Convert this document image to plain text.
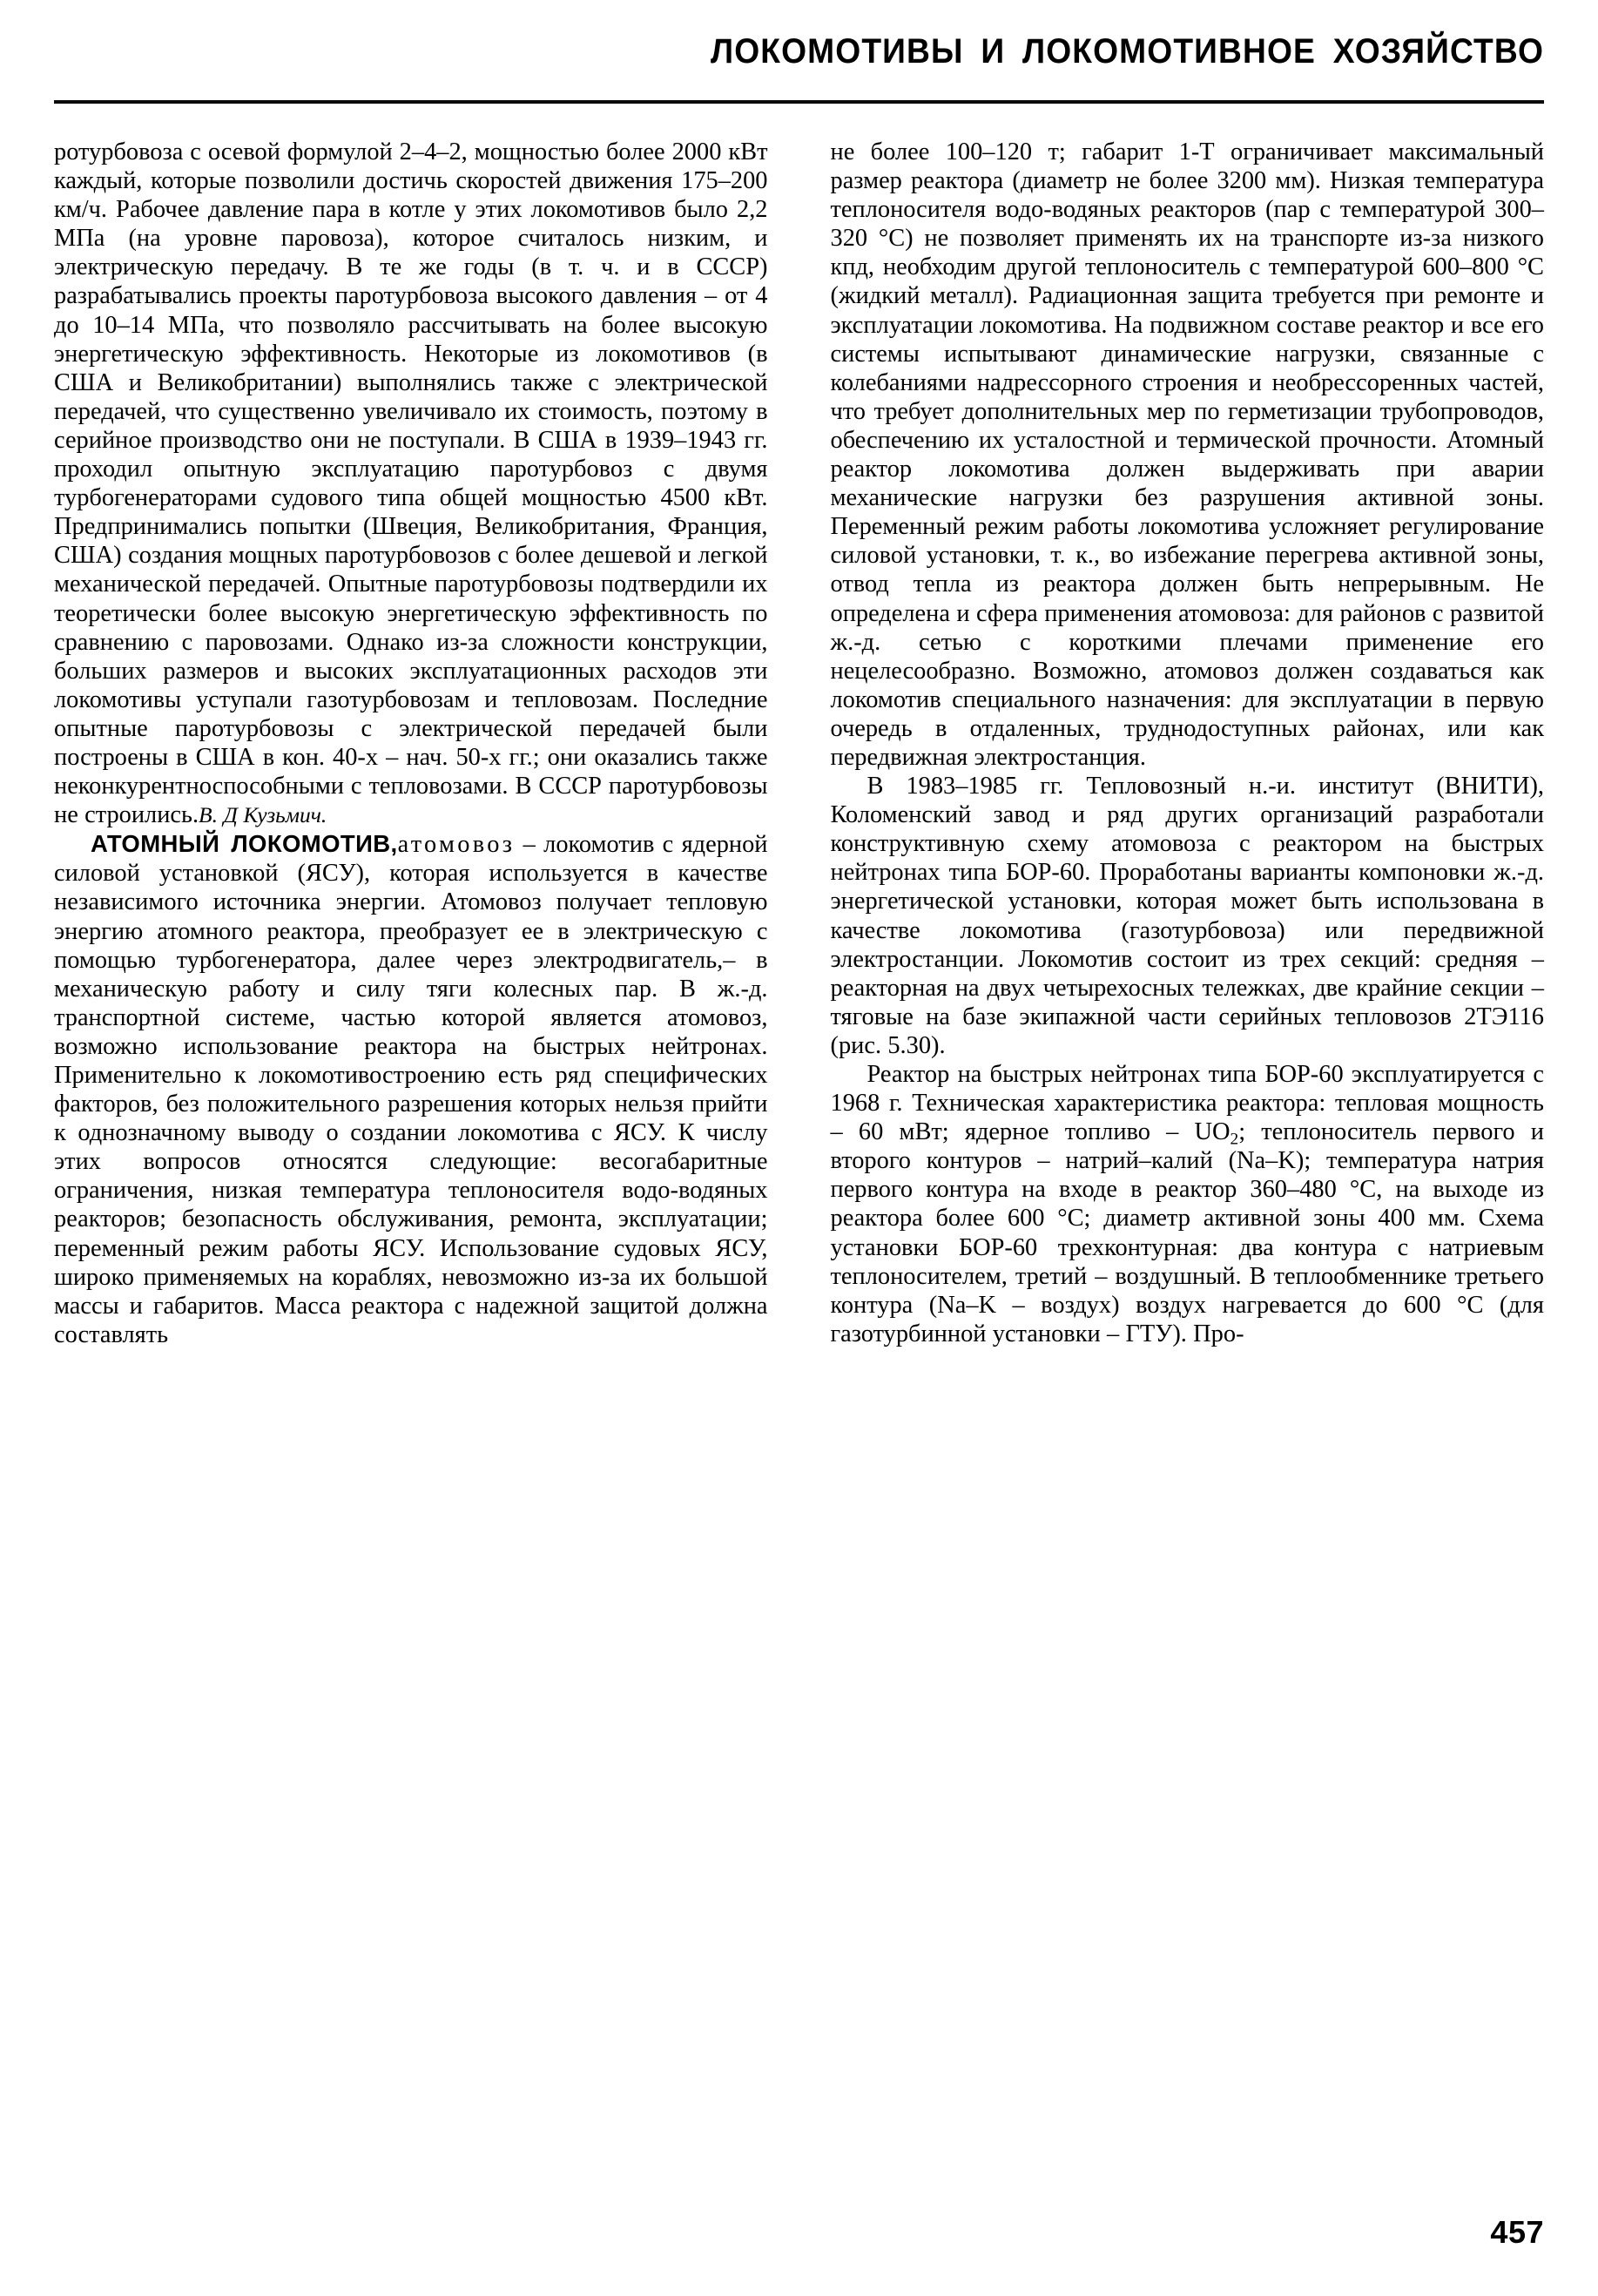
ЛОКОМОТИВЫ И ЛОКОМОТИВНОЕ ХОЗЯЙСТВО

ротурбовоза с осевой формулой 2–4–2, мощностью более 2000 кВт каждый, которые позволили достичь скоростей движения 175–200 км/ч. Рабочее давление пара в котле у этих локомотивов было 2,2 МПа (на уровне паровоза), которое считалось низким, и электрическую передачу. В те же годы (в т. ч. и в СССР) разрабатывались проекты паротурбовоза высокого давления – от 4 до 10–14 МПа, что позволяло рассчитывать на более высокую энергетическую эффективность. Некоторые из локомотивов (в США и Великобритании) выполнялись также с электрической передачей, что существенно увеличивало их стоимость, поэтому в серийное производство они не поступали. В США в 1939–1943 гг. проходил опытную эксплуатацию паротурбовоз с двумя турбогенераторами судового типа общей мощностью 4500 кВт. Предпринимались попытки (Швеция, Великобритания, Франция, США) создания мощных паротурбовозов с более дешевой и легкой механической передачей. Опытные паротурбовозы подтвердили их теоретически более высокую энергетическую эффективность по сравнению с паровозами. Однако из-за сложности конструкции, больших размеров и высоких эксплуатационных расходов эти локомотивы уступали газотурбовозам и тепловозам. Последние опытные паротурбовозы с электрической передачей были построены в США в кон. 40-х – нач. 50-х гг.; они оказались также неконкурентноспособными с тепловозами. В СССР паротурбовозы не строились.В. Д Кузьмич.

АТОМНЫЙ ЛОКОМОТИВ,атомовоз – локомотив с ядерной силовой установкой (ЯСУ), которая используется в качестве независимого источника энергии. Атомовоз получает тепловую энергию атомного реактора, преобразует ее в электрическую с помощью турбогенератора, далее через электродвигатель,– в механическую работу и силу тяги колесных пар. В ж.-д. транспортной системе, частью которой является атомовоз, возможно использование реактора на быстрых нейтронах. Применительно к локомотивостроению есть ряд специфических факторов, без положительного разрешения которых нельзя прийти к однозначному выводу о создании локомотива с ЯСУ. К числу этих вопросов относятся следующие: весогабаритные ограничения, низкая температура теплоносителя водо-водяных реакторов; безопасность обслуживания, ремонта, эксплуатации; переменный режим работы ЯСУ. Использование судовых ЯСУ, широко применяемых на кораблях, невозможно из-за их большой массы и габаритов. Масса реактора с надежной защитой должна составлять

не более 100–120 т; габарит 1-Т ограничивает максимальный размер реактора (диаметр не более 3200 мм). Низкая температура теплоносителя водо-водяных реакторов (пар с температурой 300–320 °С) не позволяет применять их на транспорте из-за низкого кпд, необходим другой теплоноситель с температурой 600–800 °С (жидкий металл). Радиационная защита требуется при ремонте и эксплуатации локомотива. На подвижном составе реактор и все его системы испытывают динамические нагрузки, связанные с колебаниями надрессорного строения и необрессоренных частей, что требует дополнительных мер по герметизации трубопроводов, обеспечению их усталостной и термической прочности. Атомный реактор локомотива должен выдерживать при аварии механические нагрузки без разрушения активной зоны. Переменный режим работы локомотива усложняет регулирование силовой установки, т. к., во избежание перегрева активной зоны, отвод тепла из реактора должен быть непрерывным. Не определена и сфера применения атомовоза: для районов с развитой ж.-д. сетью с короткими плечами применение его нецелесообразно. Возможно, атомовоз должен создаваться как локомотив специального назначения: для эксплуатации в первую очередь в отдаленных, труднодоступных районах, или как передвижная электростанция.

В 1983–1985 гг. Тепловозный н.-и. институт (ВНИТИ), Коломенский завод и ряд других организаций разработали конструктивную схему атомовоза с реактором на быстрых нейтронах типа БОР-60. Проработаны варианты компоновки ж.-д. энергетической установки, которая может быть использована в качестве локомотива (газотурбовоза) или передвижной электростанции. Локомотив состоит из трех секций: средняя – реакторная на двух четырехосных тележках, две крайние секции – тяговые на базе экипажной части серийных тепловозов 2ТЭ116 (рис. 5.30).

Реактор на быстрых нейтронах типа БОР-60 эксплуатируется с 1968 г. Техническая характеристика реактора: тепловая мощность – 60 мВт; ядерное топливо – $UO_2$; теплоноситель первого и второго контуров – натрий–калий (Na–K); температура натрия первого контура на входе в реактор 360–480 °С, на выходе из реактора более 600 °С; диаметр активной зоны 400 мм. Схема установки БОР-60 трехконтурная: два контура с натриевым теплоносителем, третий – воздушный. В теплообменнике третьего контура (Na–K – воздух) воздух нагревается до 600 °С (для газотурбинной установки – ГТУ). Про-

457
